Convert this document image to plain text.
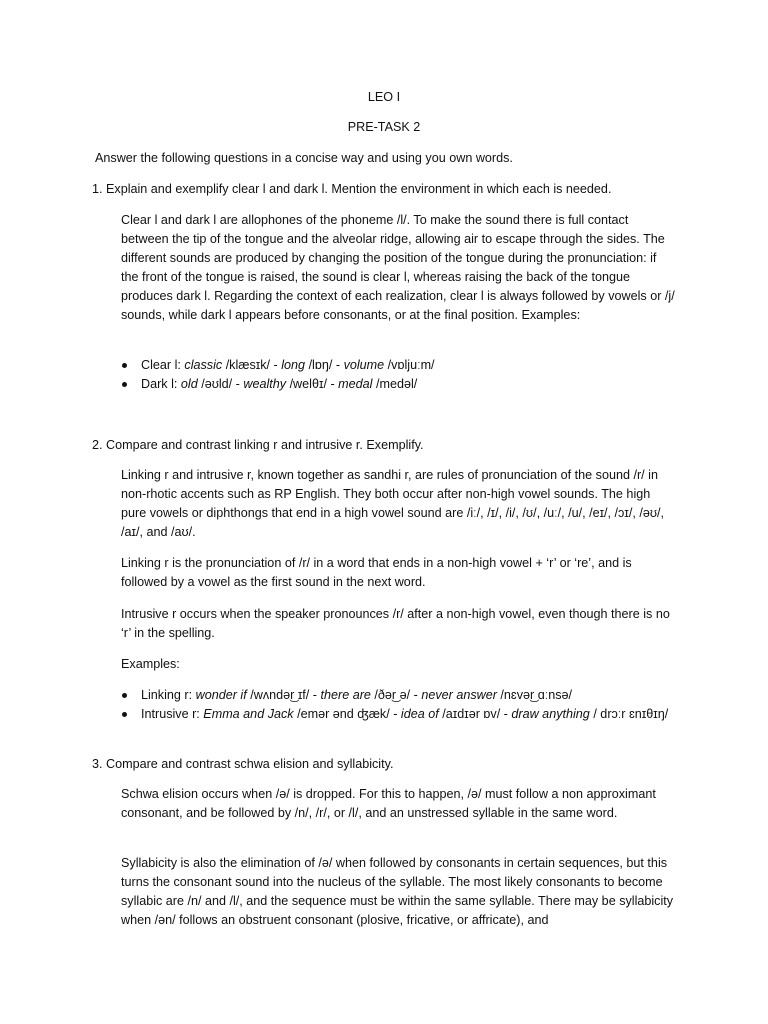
LEO I
PRE-TASK 2
Answer the following questions in a concise way and using you own words.
1. Explain and exemplify clear l and dark l. Mention the environment in which each is needed.

Clear l and dark l are allophones of the phoneme /l/. To make the sound there is full contact between the tip of the tongue and the alveolar ridge, allowing air to escape through the sides. The different sounds are produced by changing the position of the tongue during the pronunciation: if the front of the tongue is raised, the sound is clear l, whereas raising the back of the tongue produces dark l. Regarding the context of each realization, clear l is always followed by vowels or /j/ sounds, while dark l appears before consonants, or at the final position. Examples:

Clear l: classic /klæsɪk/ - long /lɒŋ/ - volume /vɒljuːm/
Dark l: old /əʊld/ - wealthy /welθɪ/ - medal /medəl/
2. Compare and contrast linking r and intrusive r. Exemplify.

Linking r and intrusive r, known together as sandhi r, are rules of pronunciation of the sound /r/ in non-rhotic accents such as RP English. They both occur after non-high vowel sounds. The high pure vowels or diphthongs that end in a high vowel sound are /iː/, /ɪ/, /i/, /ʊ/, /uː/, /u/, /eɪ/, /ɔɪ/, /əʊ/, /aɪ/, and /aʊ/.

Linking r is the pronunciation of /r/ in a word that ends in a non-high vowel + ‘r’ or ‘re’, and is followed by a vowel as the first sound in the next word.

Intrusive r occurs when the speaker pronounces /r/ after a non-high vowel, even though there is no ‘r’ in the spelling.

Examples:

Linking r: wonder if /wʌndər͜ ɪf/ - there are /ðər͜ ə/ - never answer /nɛvər͜ ɑːnsə/
Intrusive r: Emma and Jack /emər ənd ʤæk/ - idea of /aɪdɪər ɒv/ - draw anything / drɔːr ɛnɪθɪŋ/
3. Compare and contrast schwa elision and syllabicity.

Schwa elision occurs when /ə/ is dropped. For this to happen, /ə/ must follow a non approximant consonant, and be followed by /n/, /r/, or /l/, and an unstressed syllable in the same word.

Syllabicity is also the elimination of /ə/ when followed by consonants in certain sequences, but this turns the consonant sound into the nucleus of the syllable. The most likely consonants to become syllabic are /n/ and /l/, and the sequence must be within the same syllable. There may be syllabicity when /ən/ follows an obstruent consonant (plosive, fricative, or affricate), and
